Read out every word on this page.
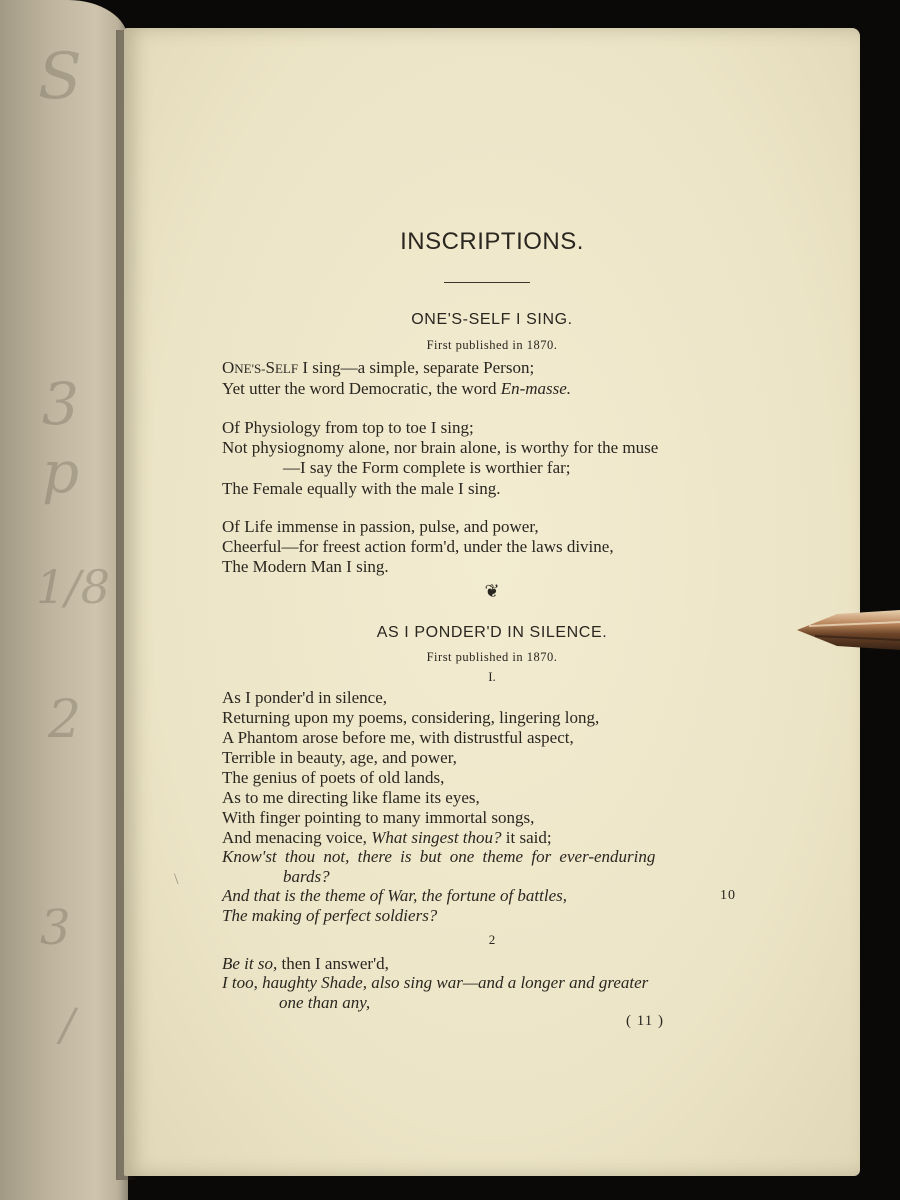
S
3 p
1/8
2
3
/
INSCRIPTIONS.
ONE'S-SELF I SING.
First published in 1870.
ONE'S-SELF I sing—a simple, separate Person;
Yet utter the word Democratic, the word En-masse.
Of Physiology from top to toe I sing;
Not physiognomy alone, nor brain alone, is worthy for the muse
—I say the Form complete is worthier far;
The Female equally with the male I sing.
Of Life immense in passion, pulse, and power,
Cheerful—for freest action form'd, under the laws divine,
The Modern Man I sing.
❦
AS I PONDER'D IN SILENCE.
First published in 1870.
I.
As I ponder'd in silence,
Returning upon my poems, considering, lingering long,
A Phantom arose before me, with distrustful aspect,
Terrible in beauty, age, and power,
The genius of poets of old lands,
As to me directing like flame its eyes,
With finger pointing to many immortal songs,
And menacing voice, What singest thou? it said;
Know'st thou not, there is but one theme for ever-enduring
bards?
And that is the theme of War, the fortune of battles,	10
The making of perfect soldiers?
2
Be it so, then I answer'd,
I too, haughty Shade, also sing war—and a longer and greater
one than any,
( 11 )
\
